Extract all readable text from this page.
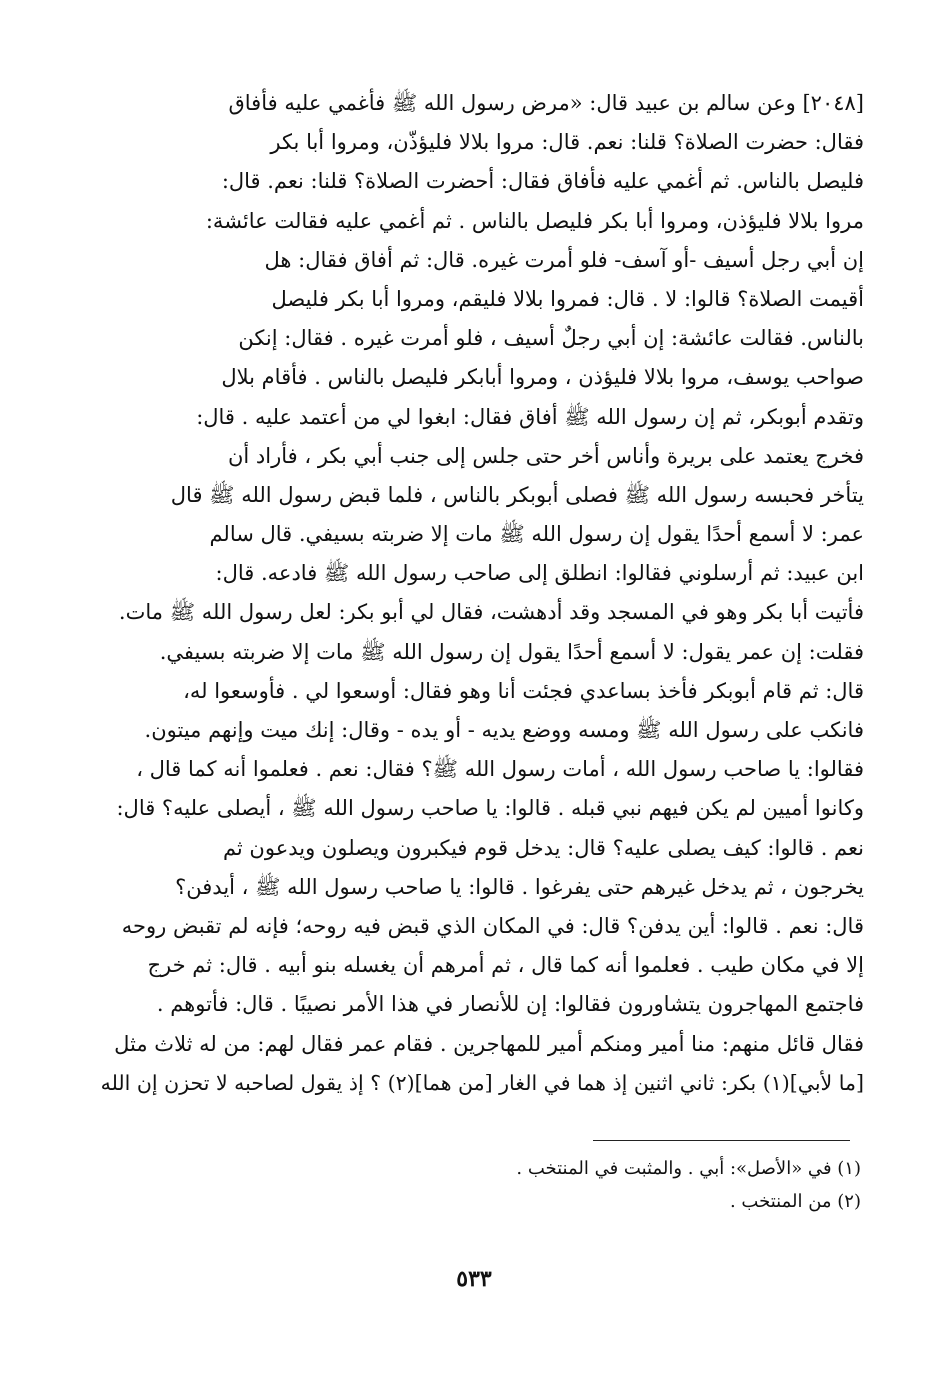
[٢٠٤٨] وعن سالم بن عبيد قال: «مرض رسول الله ﷺ فأغمي عليه فأفاق
فقال: حضرت الصلاة؟ قلنا: نعم. قال: مروا بلالا فليؤذّن، ومروا أبا بكر
فليصل بالناس. ثم أغمي عليه فأفاق فقال: أحضرت الصلاة؟ قلنا: نعم. قال:
مروا بلالا فليؤذن، ومروا أبا بكر فليصل بالناس . ثم أغمي عليه فقالت عائشة:
إن أبي رجل أسيف -أو آسف- فلو أمرت غيره. قال: ثم أفاق فقال: هل
أقيمت الصلاة؟ قالوا: لا . قال: فمروا بلالا فليقم، ومروا أبا بكر فليصل
بالناس. فقالت عائشة: إن أبي رجلٌ أسيف ، فلو أمرت غيره . فقال: إنكن
صواحب يوسف، مروا بلالا فليؤذن ، ومروا أبابكر فليصل بالناس . فأقام بلال
وتقدم أبوبكر، ثم إن رسول الله ﷺ أفاق فقال: ابغوا لي من أعتمد عليه . قال:
فخرج يعتمد على بريرة وأناس أخر حتى جلس إلى جنب أبي بكر ، فأراد أن
يتأخر فحبسه رسول الله ﷺ فصلى أبوبكر بالناس ، فلما قبض رسول الله ﷺ قال
عمر: لا أسمع أحدًا يقول إن رسول الله ﷺ مات إلا ضربته بسيفي. قال سالم
ابن عبيد: ثم أرسلوني فقالوا: انطلق إلى صاحب رسول الله ﷺ فادعه. قال:
فأتيت أبا بكر وهو في المسجد وقد أدهشت، فقال لي أبو بكر: لعل رسول الله ﷺ مات.
فقلت: إن عمر يقول: لا أسمع أحدًا يقول إن رسول الله ﷺ مات إلا ضربته بسيفي.
قال: ثم قام أبوبكر فأخذ بساعدي فجئت أنا وهو فقال: أوسعوا لي . فأوسعوا له،
فانكب على رسول الله ﷺ ومسه ووضع يديه - أو يده - وقال: إنك ميت وإنهم ميتون.
فقالوا: يا صاحب رسول الله ، أمات رسول الله ﷺ؟ فقال: نعم . فعلموا أنه كما قال ،
وكانوا أميين لم يكن فيهم نبي قبله . قالوا: يا صاحب رسول الله ﷺ ، أيصلى عليه؟ قال:
نعم . قالوا: كيف يصلى عليه؟ قال: يدخل قوم فيكبرون ويصلون ويدعون ثم
يخرجون ، ثم يدخل غيرهم حتى يفرغوا . قالوا: يا صاحب رسول الله ﷺ ، أيدفن؟
قال: نعم . قالوا: أين يدفن؟ قال: في المكان الذي قبض فيه روحه؛ فإنه لم تقبض روحه
إلا في مكان طيب . فعلموا أنه كما قال ، ثم أمرهم أن يغسله بنو أبيه . قال: ثم خرج
فاجتمع المهاجرون يتشاورون فقالوا: إن للأنصار في هذا الأمر نصيبًا . قال: فأتوهم .
فقال قائل منهم: منا أمير ومنكم أمير للمهاجرين . فقام عمر فقال لهم: من له ثلاث مثل
[ما لأبي](١) بكر: ثاني اثنين إذ هما في الغار [من هما](٢) ؟ إذ يقول لصاحبه لا تحزن إن الله
(١) في «الأصل»: أبي . والمثبت في المنتخب .
(٢) من المنتخب .
٥٣٣
